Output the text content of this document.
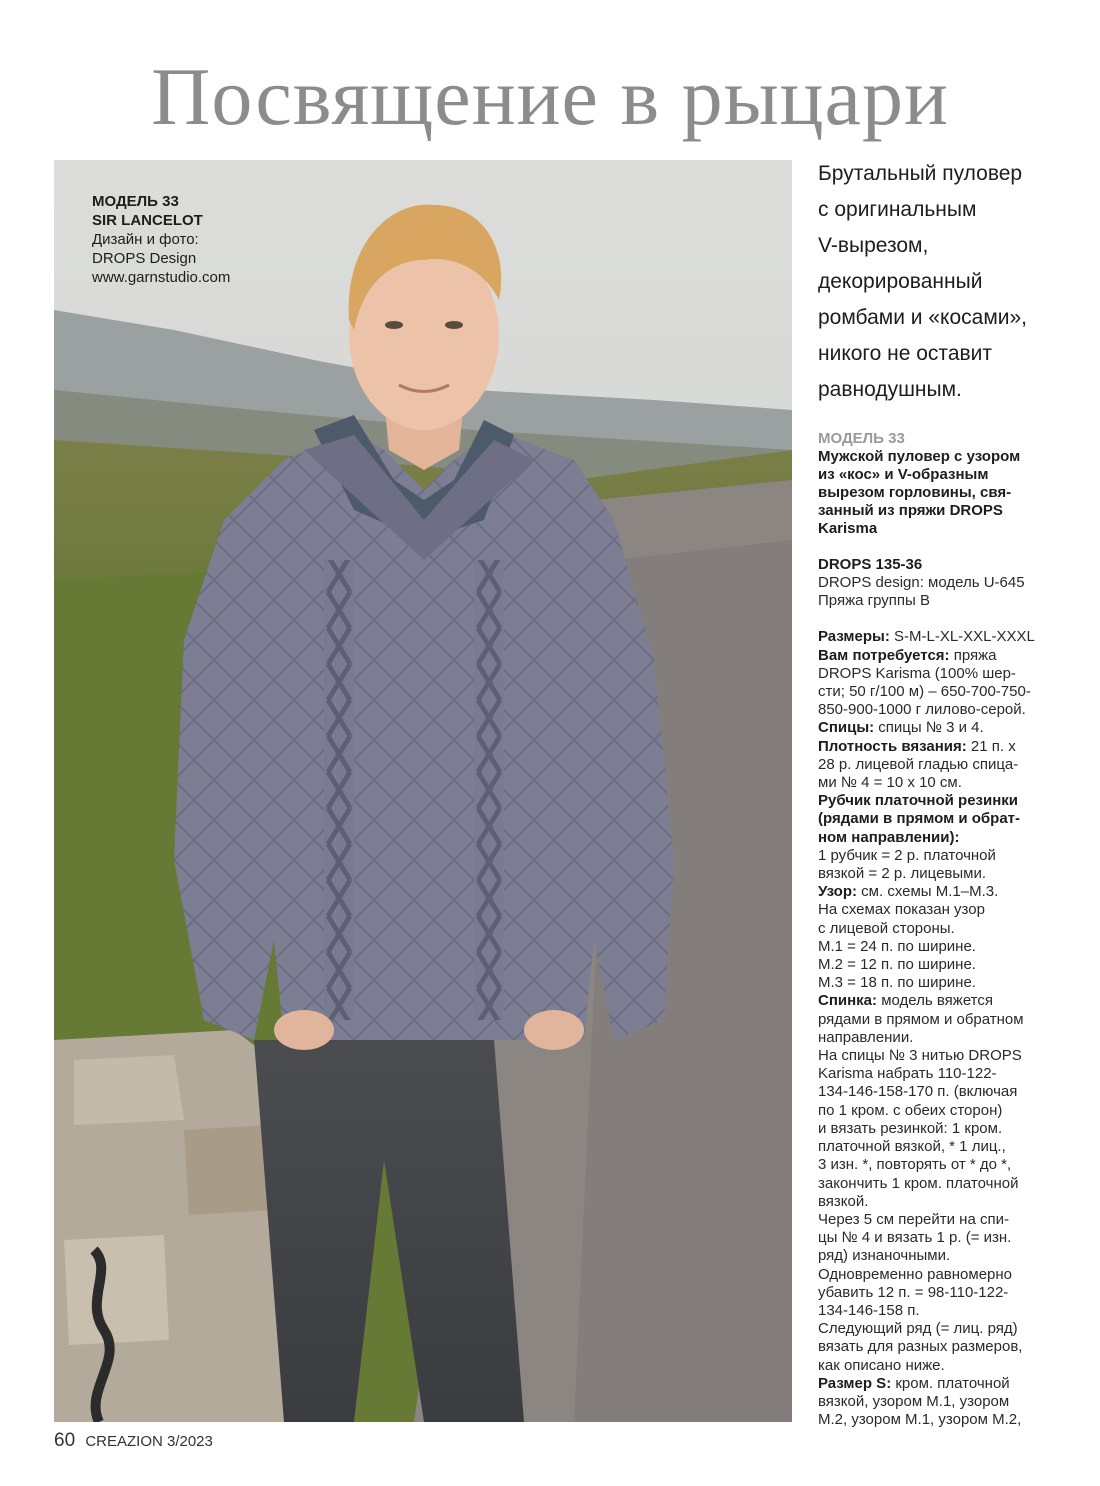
Посвящение в рыцари
МОДЕЛЬ 33
SIR LANCELOT
Дизайн и фото:
DROPS Design
www.garnstudio.com
Брутальный пуловер
с оригинальным
V-вырезом,
декорированный
ромбами и «косами»,
никого не оставит
равнодушным.
МОДЕЛЬ 33
Мужской пуловер с узором
из «кос» и V-образным
вырезом горловины, свя-
занный из пряжи DROPS
Karisma
DROPS 135-36
DROPS design: модель U-645
Пряжа группы B
Размеры: S-M-L-XL-XXL-XXXL
Вам потребуется: пряжа
DROPS Karisma (100% шер-
сти; 50 г/100 м) – 650-700-750-
850-900-1000 г лилово-серой.
Спицы: спицы № 3 и 4.
Плотность вязания: 21 п. х
28 р. лицевой гладью спица-
ми № 4 = 10 х 10 см.
Рубчик платочной резинки
(рядами в прямом и обрат-
ном направлении):
1 рубчик = 2 р. платочной
вязкой = 2 р. лицевыми.
Узор: см. схемы М.1–М.3.
На схемах показан узор
с лицевой стороны.
М.1 = 24 п. по ширине.
М.2 = 12 п. по ширине.
М.3 = 18 п. по ширине.
Спинка: модель вяжется
рядами в прямом и обратном
направлении.
На спицы № 3 нитью DROPS
Karisma набрать 110-122-
134-146-158-170 п. (включая
по 1 кром. с обеих сторон)
и вязать резинкой: 1 кром.
платочной вязкой, * 1 лиц.,
3 изн. *, повторять от * до *,
закончить 1 кром. платочной
вязкой.
Через 5 см перейти на спи-
цы № 4 и вязать 1 р. (= изн.
ряд) изнаночными.
Одновременно равномерно
убавить 12 п. = 98-110-122-
134-146-158 п.
Следующий ряд (= лиц. ряд)
вязать для разных размеров,
как описано ниже.
Размер S: кром. платочной
вязкой, узором М.1, узором
М.2, узором М.1, узором М.2,
60 CREAZION 3/2023
